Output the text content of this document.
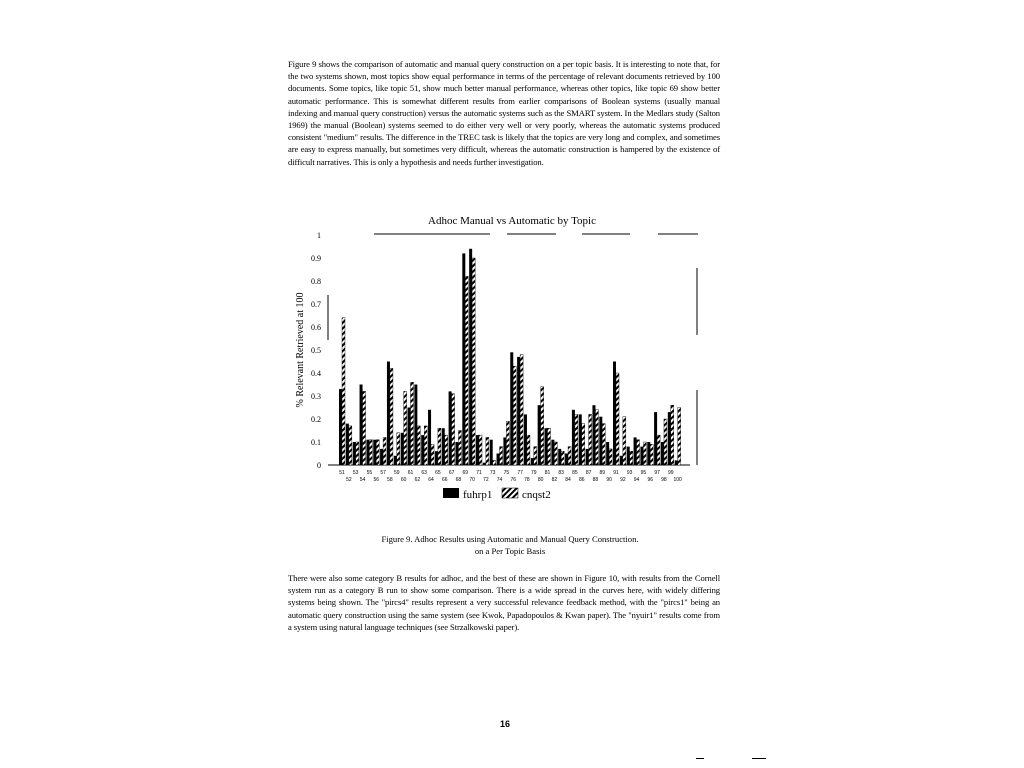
Figure 9 shows the comparison of automatic and manual query construction on a per topic basis. It is interesting to note that, for the two systems shown, most topics show equal performance in terms of the percentage of relevant documents retrieved by 100 documents. Some topics, like topic 51, show much better manual performance, whereas other topics, like topic 69 show better automatic performance. This is somewhat different results from earlier comparisons of Boolean systems (usually manual indexing and manual query construction) versus the automatic systems such as the SMART system. In the Medlars study (Salton 1969) the manual (Boolean) systems seemed to do either very well or very poorly, whereas the automatic systems produced consistent "medium" results. The difference in the TREC task is likely that the topics are very long and complex, and sometimes are easy to express manually, but sometimes very difficult, whereas the automatic construction is hampered by the existence of difficult narratives. This is only a hypothesis and needs further investigation.
Adhoc Manual vs Automatic by Topic
% Relevant Retrieved at 100
0
0.1
0.2
0.3
0.4
0.5
0.6
0.7
0.8
0.9
1
51
52
53
54
55
56
57
58
59
60
61
62
63
64
65
66
67
68
69
70
71
72
73
74
75
76
77
78
79
80
81
82
83
84
85
86
87
88
89
90
91
92
93
94
95
96
97
98
99
100
fuhrp1	cnqst2
Figure 9. Adhoc Results using Automatic and Manual Query Construction.
on a Per Topic Basis
There were also some category B results for adhoc, and the best of these are shown in Figure 10, with results from the Cornell system run as a category B run to show some comparison. There is a wide spread in the curves here, with widely differing systems being shown. The "pircs4" results represent a very successful relevance feedback method, with the "pircs1" being an automatic query construction using the same system (see Kwok, Papadopoulos & Kwan paper). The "nyuir1" results come from a system using natural language techniques (see Strzalkowski paper).
16
